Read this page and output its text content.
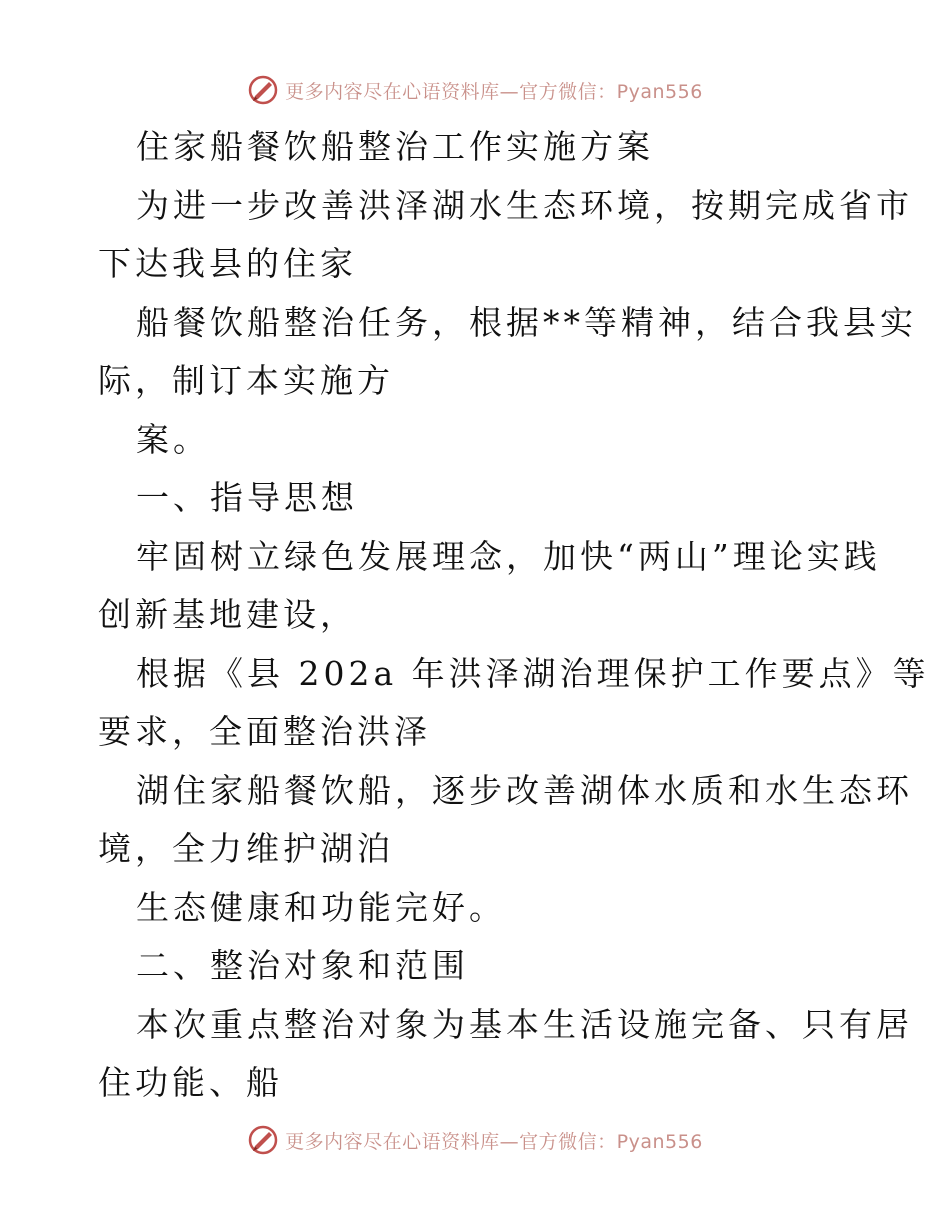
更多内容尽在心语资料库—官方微信：Pyan556
住家船餐饮船整治工作实施方案
为进一步改善洪泽湖水生态环境，按期完成省市
下达我县的住家
船餐饮船整治任务，根据**等精神，结合我县实
际，制订本实施方
案。
一、指导思想
牢固树立绿色发展理念，加快“两山”理论实践
创新基地建设，
根据《县 202a 年洪泽湖治理保护工作要点》等
要求，全面整治洪泽
湖住家船餐饮船，逐步改善湖体水质和水生态环
境，全力维护湖泊
生态健康和功能完好。
二、整治对象和范围
本次重点整治对象为基本生活设施完备、只有居
住功能、船
更多内容尽在心语资料库—官方微信：Pyan556
